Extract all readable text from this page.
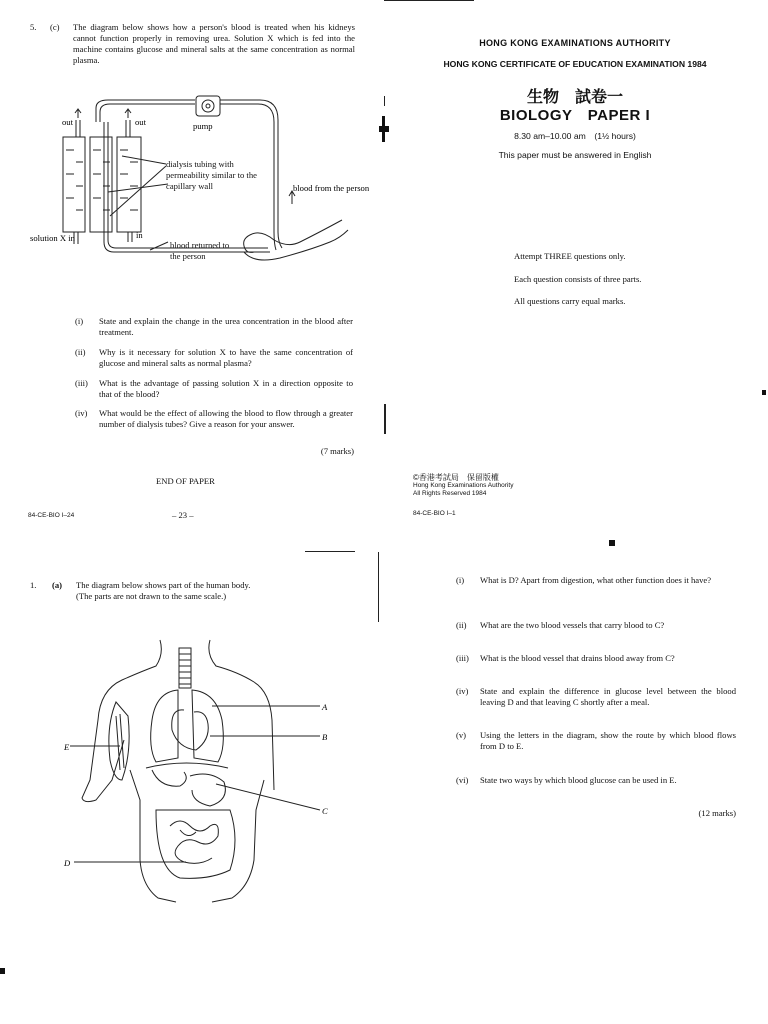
5. (c) The diagram below shows how a person's blood is treated when his kidneys cannot function properly in removing urea. Solution X which is fed into the machine contains glucose and mineral salts at the same concentration as normal plasma.
out	out	pump
blood from the person
solution X in	in
dialysis tubing with permeability similar to the capillary wall
blood returned to the person
(i)	State and explain the change in the urea concentration in the blood after treatment.
(ii)	Why is it necessary for solution X to have the same concentration of glucose and mineral salts as normal plasma?
(iii)	What is the advantage of passing solution X in a direction opposite to that of the blood?
(iv)	What would be the effect of allowing the blood to flow through a greater number of dialysis tubes? Give a reason for your answer.
(7 marks)
END OF PAPER
84-CE-BIO I–24	– 23 –
HONG KONG EXAMINATIONS AUTHORITY
HONG KONG CERTIFICATE OF EDUCATION EXAMINATION 1984
生物　試卷一
BIOLOGY　PAPER I
8.30 am–10.00 am　(1½ hours)
This paper must be answered in English
Attempt THREE questions only.
Each question consists of three parts.
All questions carry equal marks.
©香港考試局　保留版權
Hong Kong Examinations Authority
All Rights Reserved 1984
84-CE-BIO I–1
1. (a) The diagram below shows part of the human body.
(The parts are not drawn to the same scale.)
A
B
C
D
E
(i)	What is D? Apart from digestion, what other function does it have?
(ii)	What are the two blood vessels that carry blood to C?
(iii)	What is the blood vessel that drains blood away from C?
(iv)	State and explain the difference in glucose level between the blood leaving D and that leaving C shortly after a meal.
(v)	Using the letters in the diagram, show the route by which blood flows from D to E.
(vi)	State two ways by which blood glucose can be used in E.
(12 marks)
